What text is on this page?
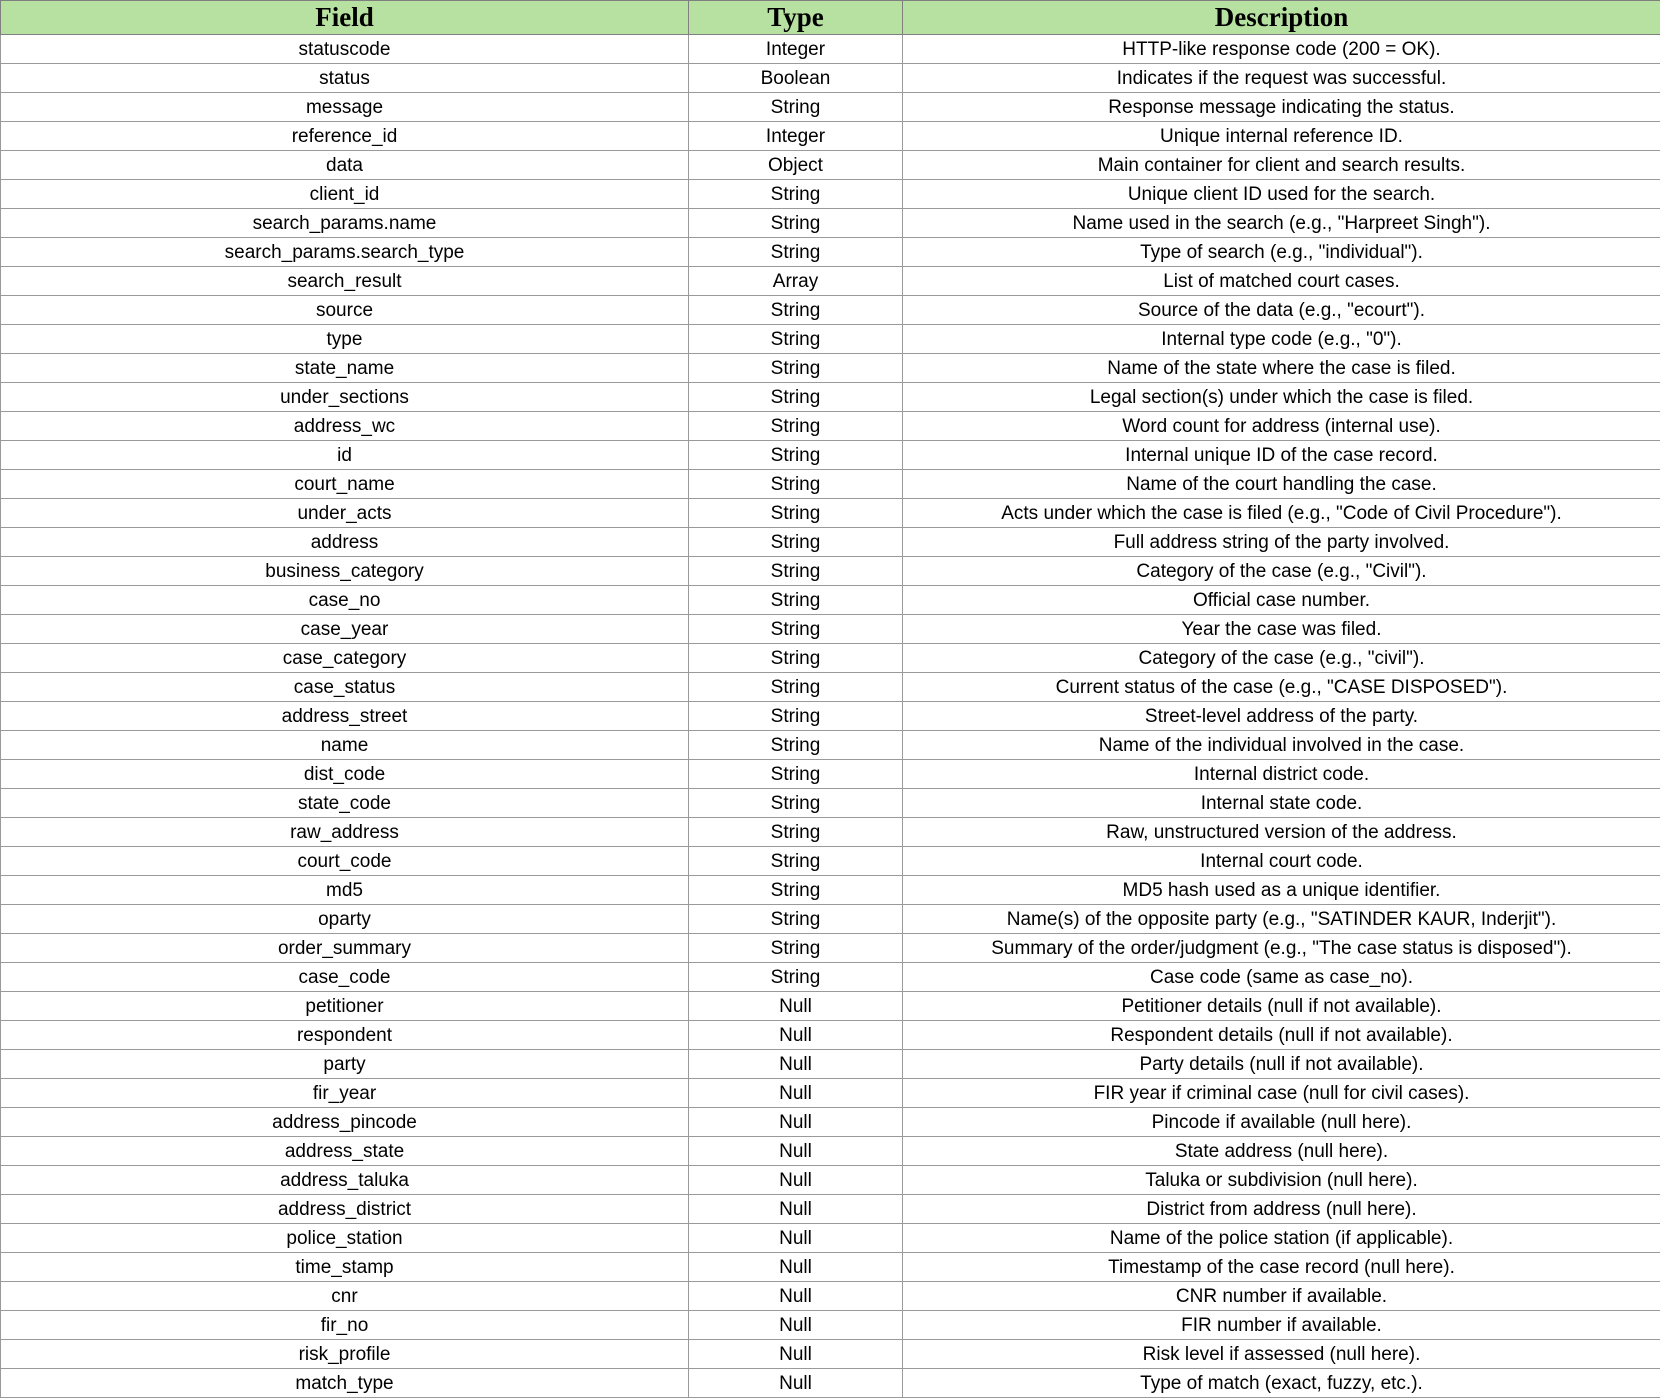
Field	Type	Description
statuscode	Integer	HTTP-like response code (200 = OK).
status	Boolean	Indicates if the request was successful.
message	String	Response message indicating the status.
reference_id	Integer	Unique internal reference ID.
data	Object	Main container for client and search results.
client_id	String	Unique client ID used for the search.
search_params.name	String	Name used in the search (e.g., "Harpreet Singh").
search_params.search_type	String	Type of search (e.g., "individual").
search_result	Array	List of matched court cases.
source	String	Source of the data (e.g., "ecourt").
type	String	Internal type code (e.g., "0").
state_name	String	Name of the state where the case is filed.
under_sections	String	Legal section(s) under which the case is filed.
address_wc	String	Word count for address (internal use).
id	String	Internal unique ID of the case record.
court_name	String	Name of the court handling the case.
under_acts	String	Acts under which the case is filed (e.g., "Code of Civil Procedure").
address	String	Full address string of the party involved.
business_category	String	Category of the case (e.g., "Civil").
case_no	String	Official case number.
case_year	String	Year the case was filed.
case_category	String	Category of the case (e.g., "civil").
case_status	String	Current status of the case (e.g., "CASE DISPOSED").
address_street	String	Street-level address of the party.
name	String	Name of the individual involved in the case.
dist_code	String	Internal district code.
state_code	String	Internal state code.
raw_address	String	Raw, unstructured version of the address.
court_code	String	Internal court code.
md5	String	MD5 hash used as a unique identifier.
oparty	String	Name(s) of the opposite party (e.g., "SATINDER KAUR, Inderjit").
order_summary	String	Summary of the order/judgment (e.g., "The case status is disposed").
case_code	String	Case code (same as case_no).
petitioner	Null	Petitioner details (null if not available).
respondent	Null	Respondent details (null if not available).
party	Null	Party details (null if not available).
fir_year	Null	FIR year if criminal case (null for civil cases).
address_pincode	Null	Pincode if available (null here).
address_state	Null	State address (null here).
address_taluka	Null	Taluka or subdivision (null here).
address_district	Null	District from address (null here).
police_station	Null	Name of the police station (if applicable).
time_stamp	Null	Timestamp of the case record (null here).
cnr	Null	CNR number if available.
fir_no	Null	FIR number if available.
risk_profile	Null	Risk level if assessed (null here).
match_type	Null	Type of match (exact, fuzzy, etc.).
